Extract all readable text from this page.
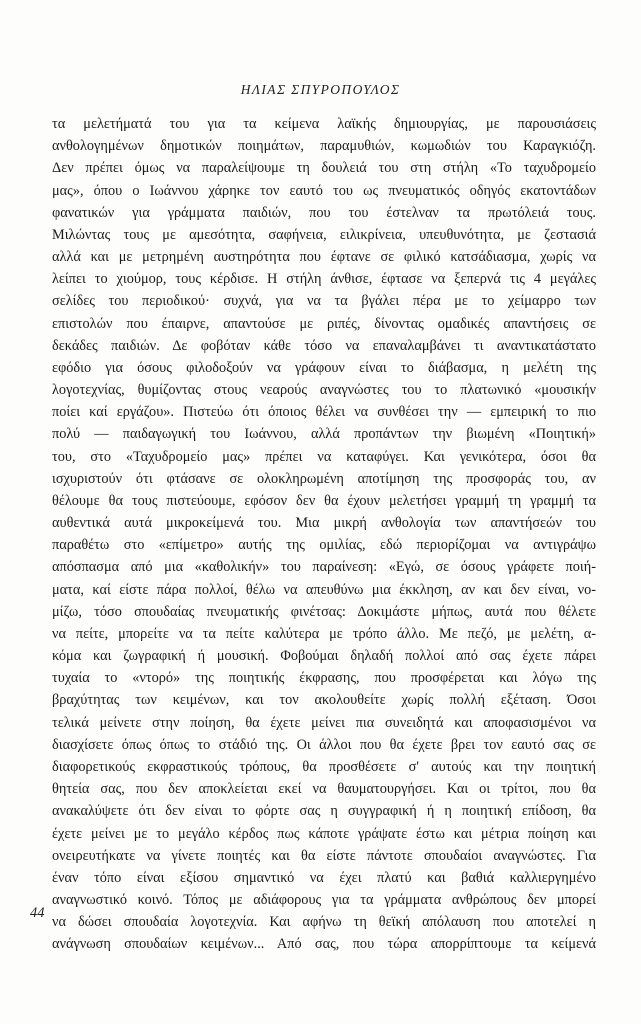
ΗΛΙΑΣ ΣΠΥΡΟΠΟΥΛΟΣ
τα μελετήματά του για τα κείμενα λαϊκής δημιουργίας, με παρουσιάσεις
ανθολογημένων δημοτικών ποιημάτων, παραμυθιών, κωμωδιών του Καραγκιόζη.
Δεν πρέπει όμως να παραλείψουμε τη δουλειά του στη στήλη «Το ταχυδρομείο
μας», όπου ο Ιωάννου χάρηκε τον εαυτό του ως πνευματικός οδηγός εκατοντάδων
φανατικών για γράμματα παιδιών, που του έστελναν τα πρωτόλειά τους.
Μιλώντας τους με αμεσότητα, σαφήνεια, ειλικρίνεια, υπευθυνότητα, με ζεστασιά
αλλά και με μετρημένη αυστηρότητα που έφτανε σε φιλικό κατσάδιασμα, χωρίς να
λείπει το χιούμορ, τους κέρδισε. Η στήλη άνθισε, έφτασε να ξεπερνά τις 4 μεγάλες
σελίδες του περιοδικού· συχνά, για να τα βγάλει πέρα με το χείμαρρο των
επιστολών που έπαιρνε, απαντούσε με ριπές, δίνοντας ομαδικές απαντήσεις σε
δεκάδες παιδιών. Δε φοβόταν κάθε τόσο να επαναλαμβάνει τι αναντικατάστατο
εφόδιο για όσους φιλοδοξούν να γράφουν είναι το διάβασμα, η μελέτη της
λογοτεχνίας, θυμίζοντας στους νεαρούς αναγνώστες του το πλατωνικό «μουσικήν
ποίει καί εργάζου». Πιστεύω ότι όποιος θέλει να συνθέσει την — εμπειρική το πιο
πολύ — παιδαγωγική του Ιωάννου, αλλά προπάντων την βιωμένη «Ποιητική»
του, στο «Ταχυδρομείο μας» πρέπει να καταφύγει. Και γενικότερα, όσοι θα
ισχυριστούν ότι φτάσανε σε ολοκληρωμένη αποτίμηση της προσφοράς του, αν
θέλουμε θα τους πιστεύουμε, εφόσον δεν θα έχουν μελετήσει γραμμή τη γραμμή τα
αυθεντικά αυτά μικροκείμενά του. Μια μικρή ανθολογία των απαντήσεών του
παραθέτω στο «επίμετρο» αυτής της ομιλίας, εδώ περιορίζομαι να αντιγράψω
απόσπασμα από μια «καθολικήν» του παραίνεση: «Εγώ, σε όσους γράφετε ποιή-
ματα, καί είστε πάρα πολλοί, θέλω να απευθύνω μια έκκληση, αν και δεν είναι, νο-
μίζω, τόσο σπουδαίας πνευματικής φινέτσας: Δοκιμάστε μήπως, αυτά που θέλετε
να πείτε, μπορείτε να τα πείτε καλύτερα με τρόπο άλλο. Με πεζό, με μελέτη, α-
κόμα και ζωγραφική ή μουσική. Φοβούμαι δηλαδή πολλοί από σας έχετε πάρει
τυχαία το «ντορό» της ποιητικής έκφρασης, που προσφέρεται και λόγω της
βραχύτητας των κειμένων, και τον ακολουθείτε χωρίς πολλή εξέταση. Όσοι
τελικά μείνετε στην ποίηση, θα έχετε μείνει πια συνειδητά και αποφασισμένοι να
διασχίσετε όπως όπως το στάδιό της. Οι άλλοι που θα έχετε βρει τον εαυτό σας σε
διαφορετικούς εκφραστικούς τρόπους, θα προσθέσετε σ' αυτούς και την ποιητική
θητεία σας, που δεν αποκλείεται εκεί να θαυματουργήσει. Και οι τρίτοι, που θα
ανακαλύψετε ότι δεν είναι το φόρτε σας η συγγραφική ή η ποιητική επίδοση, θα
έχετε μείνει με το μεγάλο κέρδος πως κάποτε γράψατε έστω και μέτρια ποίηση και
ονειρευτήκατε να γίνετε ποιητές και θα είστε πάντοτε σπουδαίοι αναγνώστες. Για
έναν τόπο είναι εξίσου σημαντικό να έχει πλατύ και βαθιά καλλιεργημένο
αναγνωστικό κοινό. Τόπος με αδιάφορους για τα γράμματα ανθρώπους δεν μπορεί
να δώσει σπουδαία λογοτεχνία. Και αφήνω τη θεϊκή απόλαυση που αποτελεί η
ανάγνωση σπουδαίων κειμένων... Από σας, που τώρα απορρίπτουμε τα κείμενά
44
